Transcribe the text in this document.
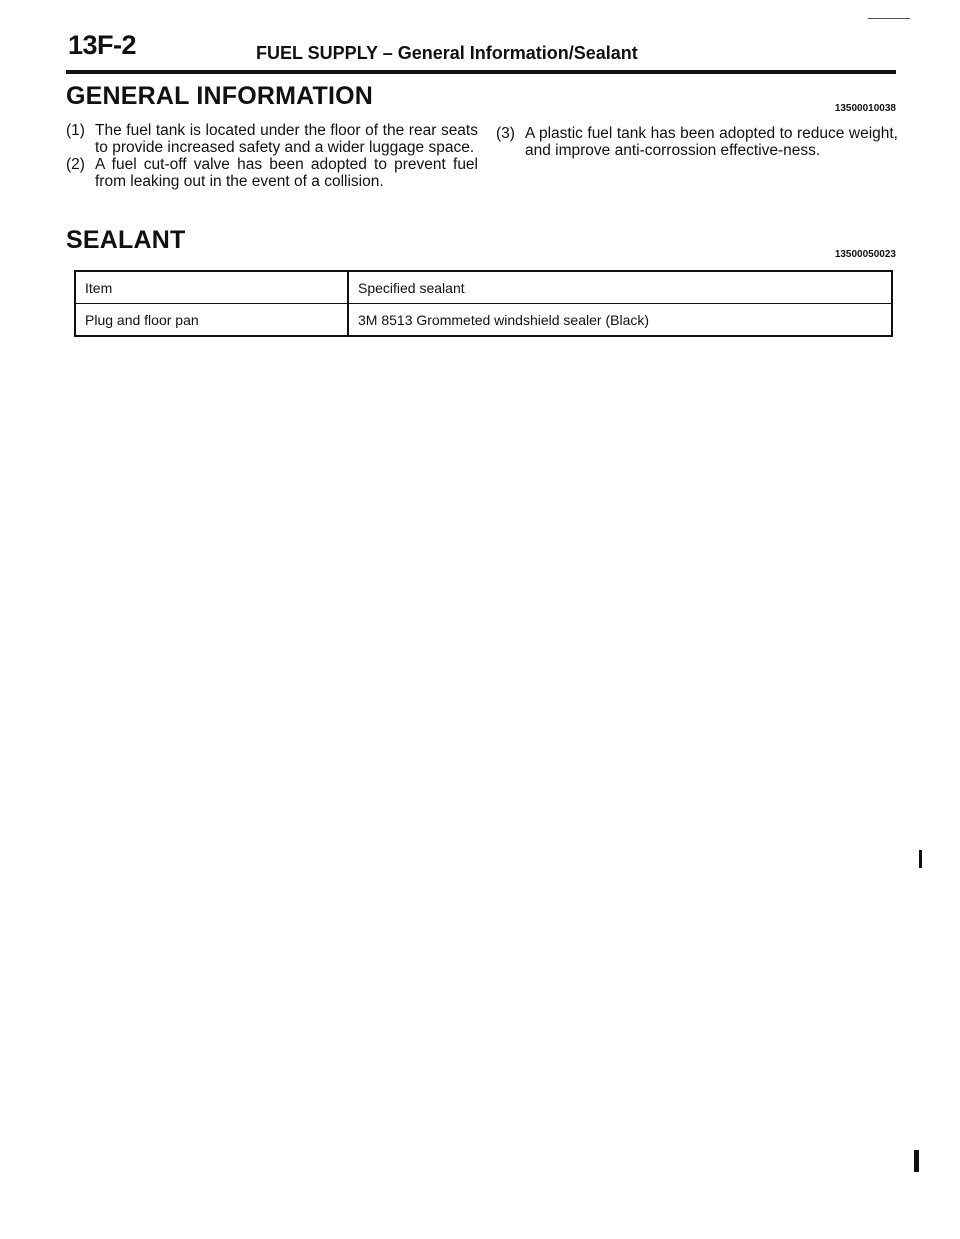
13F-2	FUEL SUPPLY – General Information/Sealant
GENERAL INFORMATION	13500010038
(1) The fuel tank is located under the floor of the rear seats to provide increased safety and a wider luggage space.
(2) A fuel cut-off valve has been adopted to prevent fuel from leaking out in the event of a collision.
(3) A plastic fuel tank has been adopted to reduce weight, and improve anti-corrossion effective-ness.
SEALANT
13500050023
Item	Specified sealant
Plug and floor pan	3M 8513 Grommeted windshield sealer (Black)
